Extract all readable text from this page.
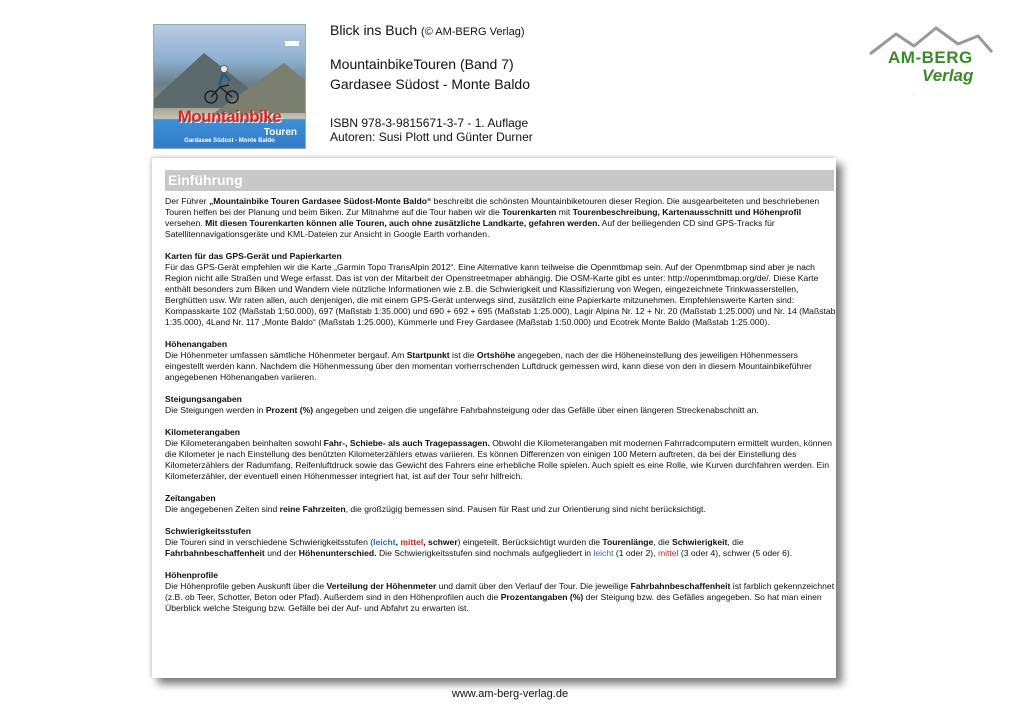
Mountainbike
Touren
Gardasee Südost - Monte Baldo
Blick ins Buch (© AM-BERG Verlag)
MountainbikeTouren (Band 7)
Gardasee Südost - Monte Baldo
ISBN 978-3-9815671-3-7 - 1. Auflage
Autoren: Susi Plott und Günter Durner
AM-BERG
Verlag
Einführung

Der Führer „Mountainbike Touren Gardasee Südost-Monte Baldo“ beschreibt die schönsten Mountainbiketouren dieser Region. Die ausgearbeiteten und beschriebenen Touren helfen bei der Planung und beim Biken. Zur Mitnahme auf die Tour haben wir die Tourenkarten mit Tourenbeschreibung, Kartenausschnitt und Höhenprofil versehen. Mit diesen Tourenkarten können alle Touren, auch ohne zusätzliche Landkarte, gefahren werden. Auf der beiliegenden CD sind GPS-Tracks für Satellitennavigationsgeräte und KML-Dateien zur Ansicht in Google Earth vorhanden.

Karten für das GPS-Gerät und Papierkarten

Für das GPS-Gerät empfehlen wir die Karte „Garmin Topo TransAlpin 2012“. Eine Alternative kann teilweise die Openmtbmap sein. Auf der Openmtbmap sind aber je nach Region nicht alle Straßen und Wege erfasst. Das ist von der Mitarbeit der Openstreetmaper abhängig. Die OSM-Karte gibt es unter: http://openmtbmap.org/de/. Diese Karte enthält besonders zum Biken und Wandern viele nützliche Informationen wie z.B. die Schwierigkeit und Klassifizierung von Wegen, eingezeichnete Trinkwasserstellen, Berghütten usw. Wir raten allen, auch denjenigen, die mit einem GPS-Gerät unterwegs sind, zusätzlich eine Papierkarte mitzunehmen. Empfehlenswerte Karten sind: Kompasskarte 102 (Maßstab 1:50.000), 697 (Maßstab 1:35.000) und 690 + 692 + 695 (Maßstab 1:25.000), Lagir Alpina Nr. 12 + Nr. 20 (Maßstab 1:25.000) und Nr. 14 (Maßstab 1:35.000), 4Land Nr. 117 „Monte Baldo“ (Maßstab 1:25.000), Kümmerle und Frey Gardasee (Maßstab 1:50.000) und Ecotrek Monte Baldo (Maßstab 1:25.000).

Höhenangaben

Die Höhenmeter umfassen sämtliche Höhenmeter bergauf. Am Startpunkt ist die Ortshöhe angegeben, nach der die Höheneinstellung des jeweiligen Höhenmessers eingestellt werden kann. Nachdem die Höhenmessung über den momentan vorherrschenden Luftdruck gemessen wird, kann diese von den in diesem Mountainbikeführer angegebenen Höhenangaben variieren.

Steigungsangaben

Die Steigungen werden in Prozent (%) angegeben und zeigen die ungefähre Fahrbahnsteigung oder das Gefälle über einen längeren Streckenabschnitt an.

Kilometerangaben

Die Kilometerangaben beinhalten sowohl Fahr-, Schiebe- als auch Tragepassagen. Obwohl die Kilometerangaben mit modernen Fahrradcomputern ermittelt wurden, können die Kilometer je nach Einstellung des benützten Kilometerzählers etwas variieren. Es können Differenzen von einigen 100 Metern auftreten, da bei der Einstellung des Kilometerzählers der Radumfang, Reifenluftdruck sowie das Gewicht des Fahrers eine erhebliche Rolle spielen. Auch spielt es eine Rolle, wie Kurven durchfahren werden. Ein Kilometerzähler, der eventuell einen Höhenmesser integriert hat, ist auf der Tour sehr hilfreich.

Zeitangaben

Die angegebenen Zeiten sind reine Fahrzeiten, die großzügig bemessen sind. Pausen für Rast und zur Orientierung sind nicht berücksichtigt.

Schwierigkeitsstufen

Die Touren sind in verschiedene Schwierigkeitsstufen (leicht, mittel, schwer) eingeteilt. Berücksichtigt wurden die Tourenlänge, die Schwierigkeit, die Fahrbahnbeschaffenheit und der Höhenunterschied. Die Schwierigkeitsstufen sind nochmals aufgegliedert in leicht (1 oder 2), mittel (3 oder 4), schwer (5 oder 6).

Höhenprofile

Die Höhenprofile geben Auskunft über die Verteilung der Höhenmeter und damit über den Verlauf der Tour. Die jeweilige Fahrbahnbeschaffenheit ist farblich gekennzeichnet (z.B. ob Teer, Schotter, Beton oder Pfad). Außerdem sind in den Höhenprofilen auch die Prozentangaben (%) der Steigung bzw. des Gefälles angegeben. So hat man einen Überblick welche Steigung bzw. Gefälle bei der Auf- und Abfahrt zu erwarten ist.

www.am-berg-verlag.de
